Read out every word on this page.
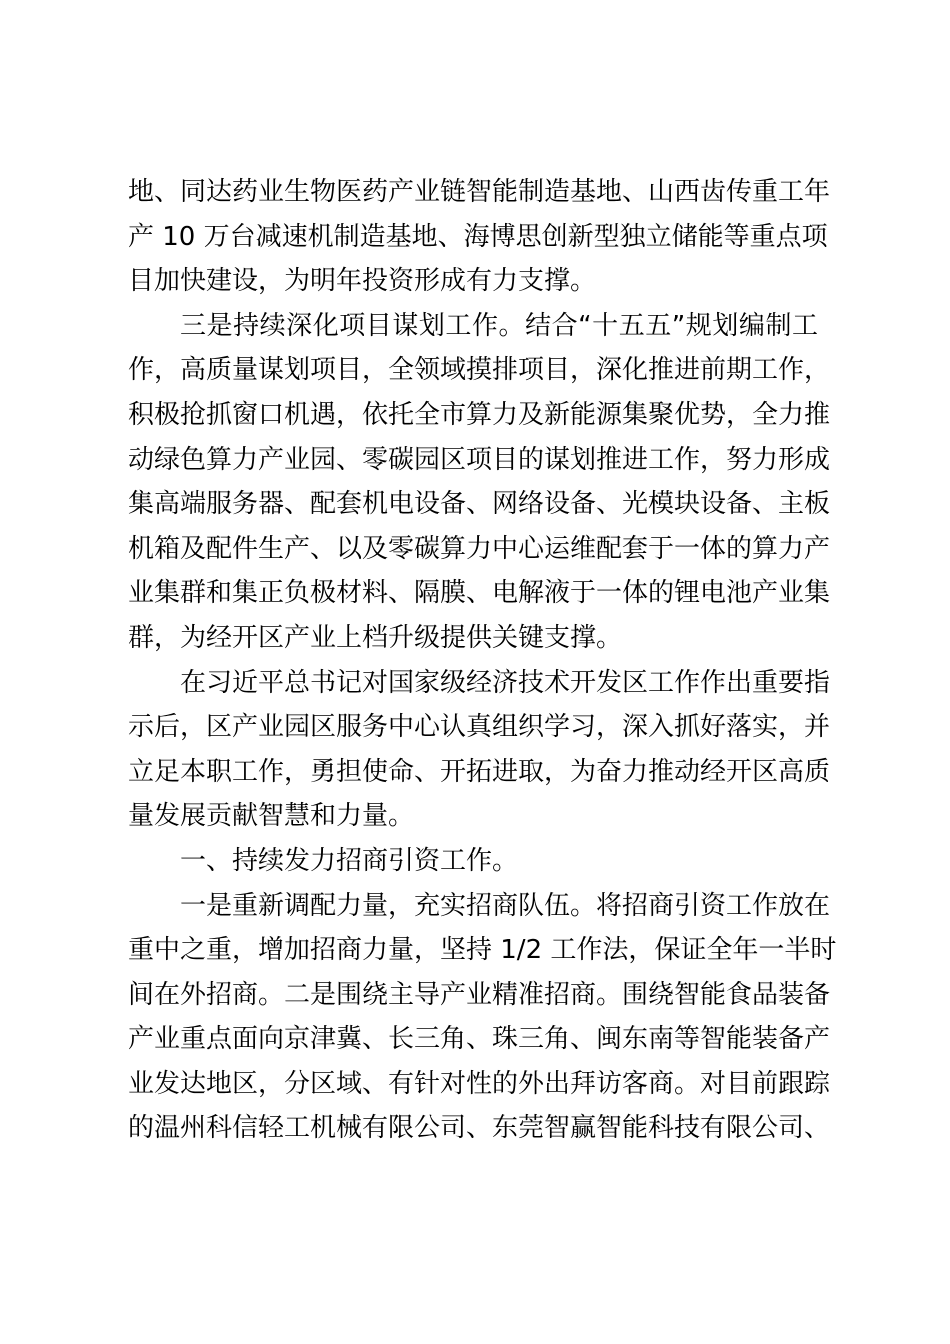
地、同达药业生物医药产业链智能制造基地、山西齿传重工年
产 10 万台减速机制造基地、海博思创新型独立储能等重点项
目加快建设，为明年投资形成有力支撑。

三是持续深化项目谋划工作。结合“十五五”规划编制工
作，高质量谋划项目，全领域摸排项目，深化推进前期工作，
积极抢抓窗口机遇，依托全市算力及新能源集聚优势，全力推
动绿色算力产业园、零碳园区项目的谋划推进工作，努力形成
集高端服务器、配套机电设备、网络设备、光模块设备、主板
机箱及配件生产、以及零碳算力中心运维配套于一体的算力产
业集群和集正负极材料、隔膜、电解液于一体的锂电池产业集
群，为经开区产业上档升级提供关键支撑。

在习近平总书记对国家级经济技术开发区工作作出重要指
示后，区产业园区服务中心认真组织学习，深入抓好落实，并
立足本职工作，勇担使命、开拓进取，为奋力推动经开区高质
量发展贡献智慧和力量。

一、持续发力招商引资工作。

一是重新调配力量，充实招商队伍。将招商引资工作放在
重中之重，增加招商力量，坚持 1/2 工作法，保证全年一半时
间在外招商。二是围绕主导产业精准招商。围绕智能食品装备
产业重点面向京津冀、长三角、珠三角、闽东南等智能装备产
业发达地区，分区域、有针对性的外出拜访客商。对目前跟踪
的温州科信轻工机械有限公司、东莞智赢智能科技有限公司、
